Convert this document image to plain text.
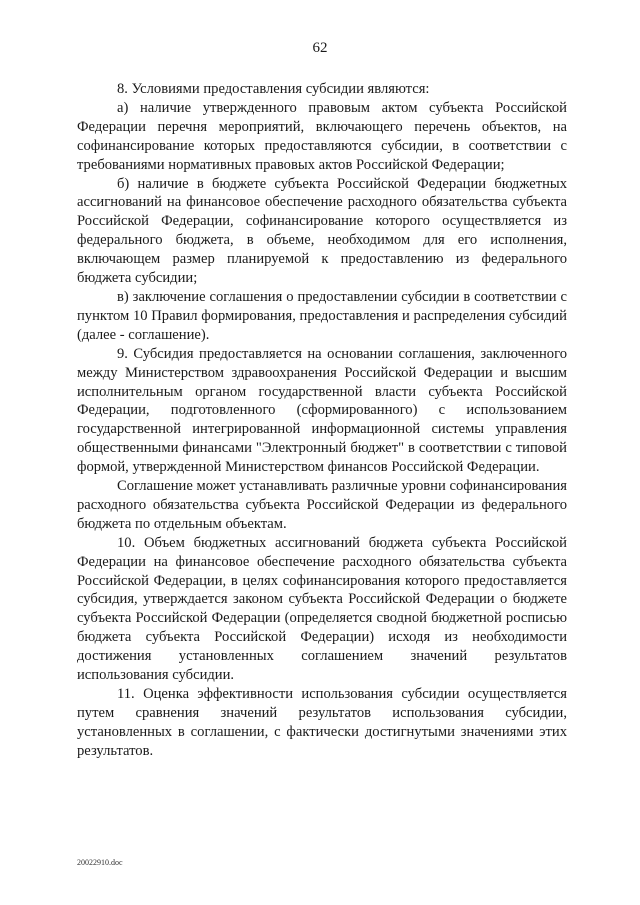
62

8. Условиями предоставления субсидии являются:

а) наличие утвержденного правовым актом субъекта Российской Федерации перечня мероприятий, включающего перечень объектов, на софинансирование которых предоставляются субсидии, в соответствии с требованиями нормативных правовых актов Российской Федерации;

б) наличие в бюджете субъекта Российской Федерации бюджетных ассигнований на финансовое обеспечение расходного обязательства субъекта Российской Федерации, софинансирование которого осуществляется из федерального бюджета, в объеме, необходимом для его исполнения, включающем размер планируемой к предоставлению из федерального бюджета субсидии;

в) заключение соглашения о предоставлении субсидии в соответствии с пунктом 10 Правил формирования, предоставления и распределения субсидий (далее - соглашение).

9. Субсидия предоставляется на основании соглашения, заключенного между Министерством здравоохранения Российской Федерации и высшим исполнительным органом государственной власти субъекта Российской Федерации, подготовленного (сформированного) с использованием государственной интегрированной информационной системы управления общественными финансами "Электронный бюджет" в соответствии с типовой формой, утвержденной Министерством финансов Российской Федерации.

Соглашение может устанавливать различные уровни софинансирования расходного обязательства субъекта Российской Федерации из федерального бюджета по отдельным объектам.

10. Объем бюджетных ассигнований бюджета субъекта Российской Федерации на финансовое обеспечение расходного обязательства субъекта Российской Федерации, в целях софинансирования которого предоставляется субсидия, утверждается законом субъекта Российской Федерации о бюджете субъекта Российской Федерации (определяется сводной бюджетной росписью бюджета субъекта Российской Федерации) исходя из необходимости достижения установленных соглашением значений результатов использования субсидии.

11. Оценка эффективности использования субсидии осуществляется путем сравнения значений результатов использования субсидии, установленных в соглашении, с фактически достигнутыми значениями этих результатов.

20022910.doc
